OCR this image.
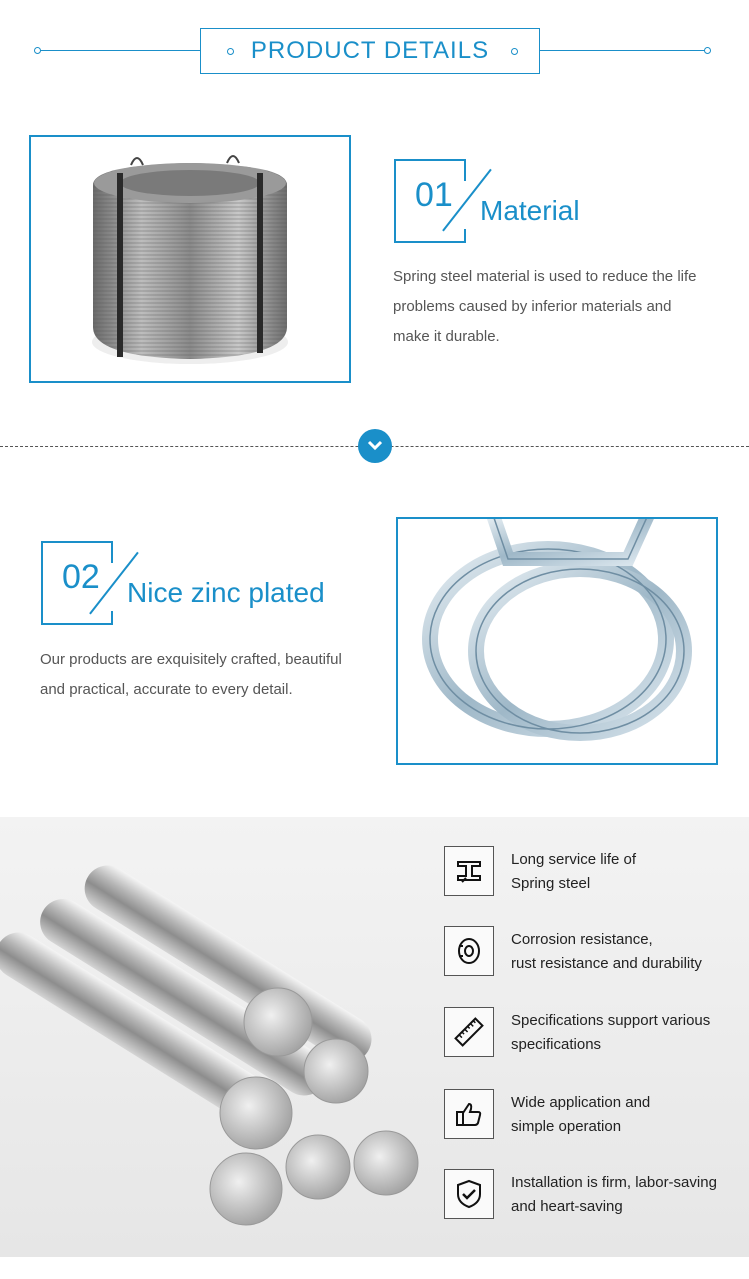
PRODUCT DETAILS
01 Material
Spring steel material is used to reduce the life
problems caused by inferior materials and
make it durable.
02 Nice zinc plated
Our products are exquisitely crafted, beautiful
and practical, accurate to every detail.
Long service life of
Spring steel
Corrosion resistance,
rust resistance and durability
Specifications support various
specifications
Wide application and
simple operation
Installation is firm, labor-saving
and heart-saving
